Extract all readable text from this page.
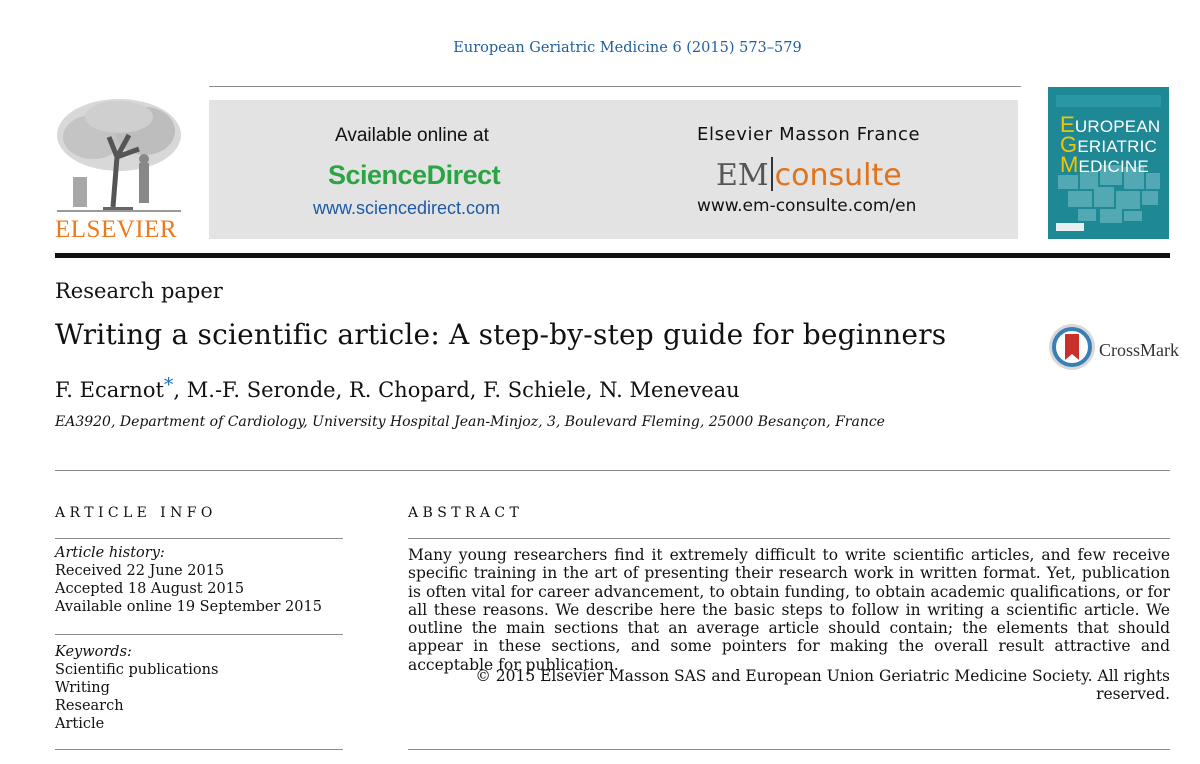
European Geriatric Medicine 6 (2015) 573–579
ELSEVIER
Available online at
ScienceDirect
www.sciencedirect.com
Elsevier Masson France
EM consulte
www.em-consulte.com/en
EUROPEAN
GERIATRIC
MEDICINE
Research paper
Writing a scientific article: A step-by-step guide for beginners
F. Ecarnot*, M.-F. Seronde, R. Chopard, F. Schiele, N. Meneveau
EA3920, Department of Cardiology, University Hospital Jean-Minjoz, 3, Boulevard Fleming, 25000 Besançon, France
CrossMark
ARTICLE INFO
Article history:
Received 22 June 2015
Accepted 18 August 2015
Available online 19 September 2015
Keywords:
Scientific publications
Writing
Research
Article
ABSTRACT
Many young researchers find it extremely difficult to write scientific articles, and few receive specific training in the art of presenting their research work in written format. Yet, publication is often vital for career advancement, to obtain funding, to obtain academic qualifications, or for all these reasons. We describe here the basic steps to follow in writing a scientific article. We outline the main sections that an average article should contain; the elements that should appear in these sections, and some pointers for making the overall result attractive and acceptable for publication.
© 2015 Elsevier Masson SAS and European Union Geriatric Medicine Society. All rights reserved.
